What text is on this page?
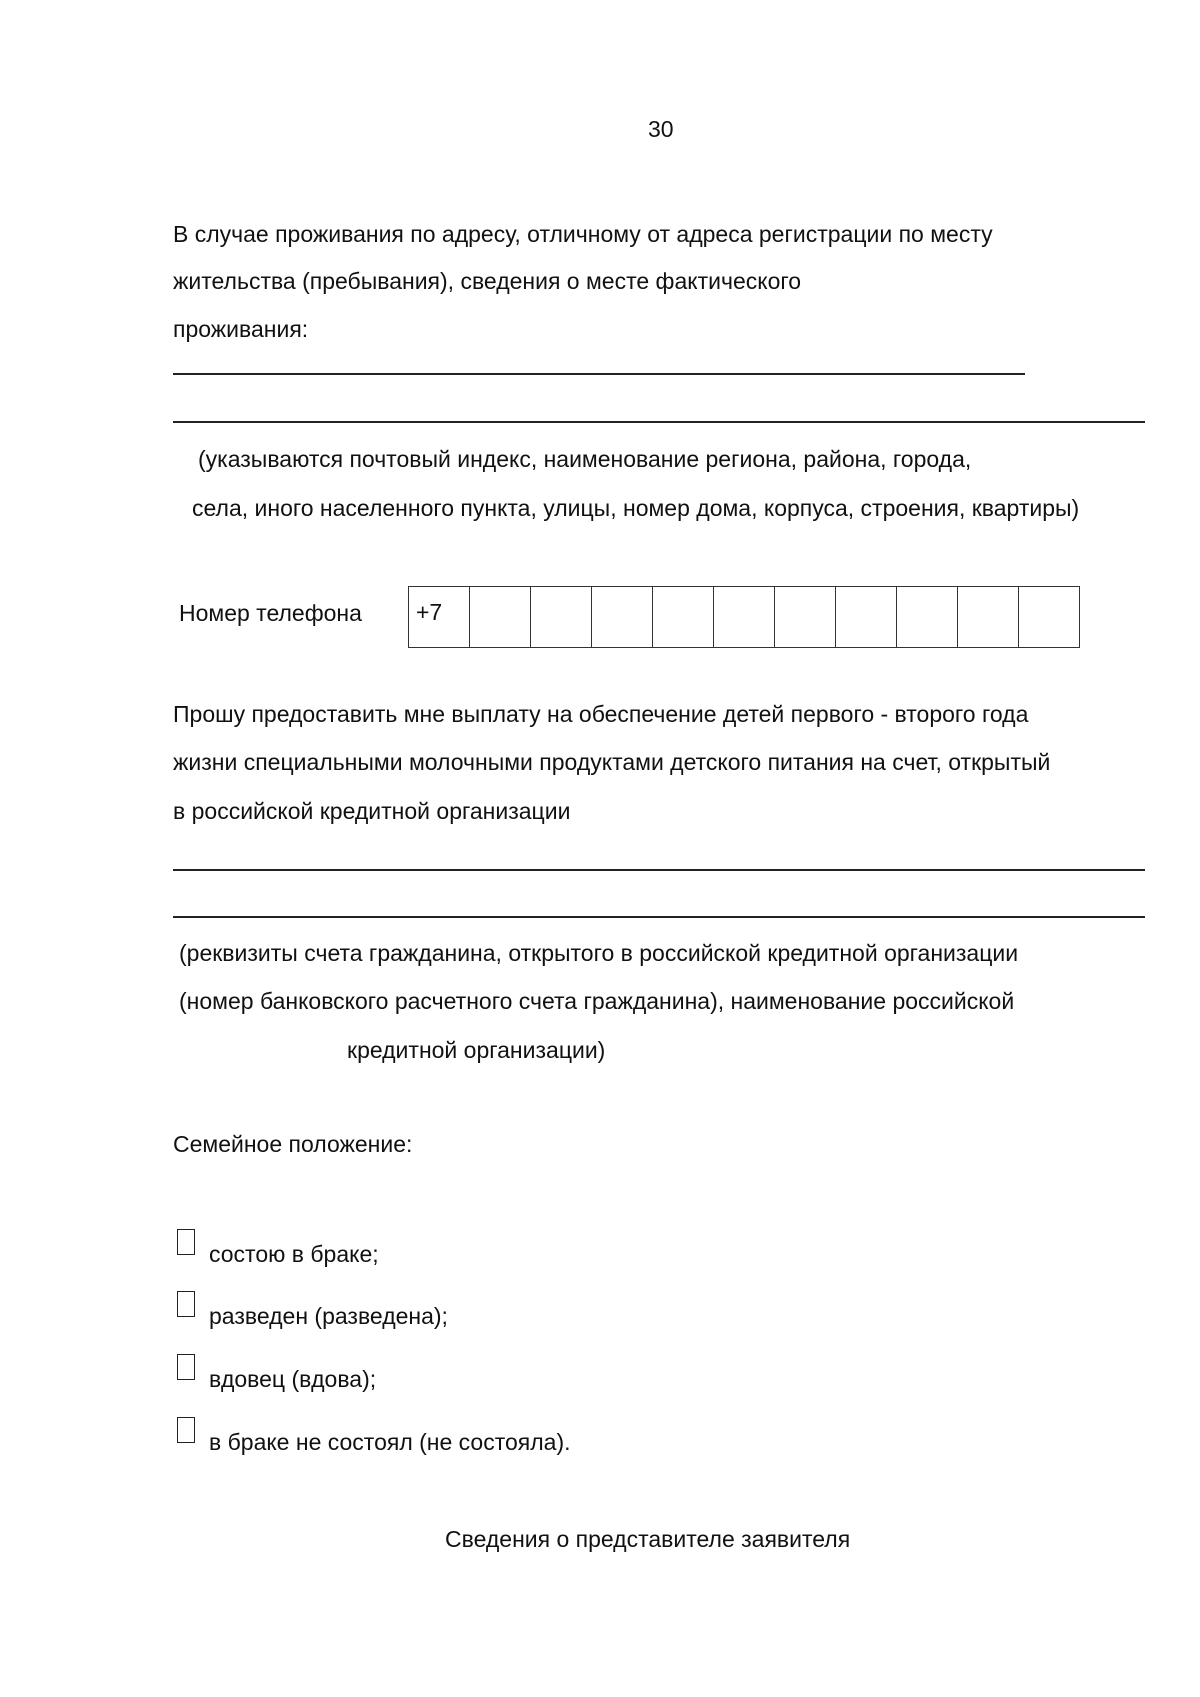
30
В случае проживания по адресу, отличному от адреса регистрации по месту
жительства (пребывания), сведения о месте фактического
проживания:
(указываются почтовый индекс, наименование региона, района, города,
села, иного населенного пункта, улицы, номер дома, корпуса, строения, квартиры)
Номер телефона	+7
Прошу предоставить мне выплату на обеспечение детей первого - второго года
жизни специальными молочными продуктами детского питания на счет, открытый
в российской кредитной организации
(реквизиты счета гражданина, открытого в российской кредитной организации
(номер банковского расчетного счета гражданина), наименование российской
кредитной организации)
Семейное положение:
состою в браке;
разведен (разведена);
вдовец (вдова);
в браке не состоял (не состояла).
Сведения о представителе заявителя
